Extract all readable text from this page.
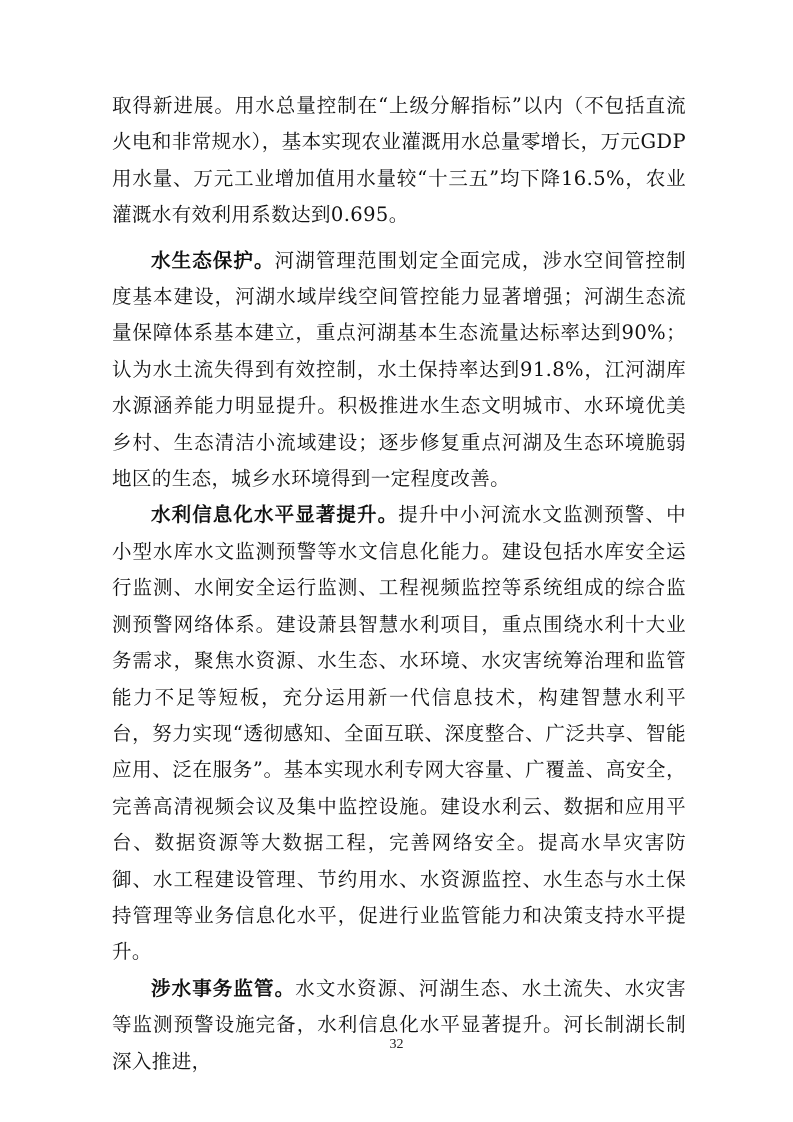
取得新进展。用水总量控制在“上级分解指标”以内（不包括直流火电和非常规水），基本实现农业灌溉用水总量零增长，万元GDP用水量、万元工业增加值用水量较“十三五”均下降16.5%，农业灌溉水有效利用系数达到0.695。

水生态保护。河湖管理范围划定全面完成，涉水空间管控制度基本建设，河湖水域岸线空间管控能力显著增强；河湖生态流量保障体系基本建立，重点河湖基本生态流量达标率达到90%；认为水土流失得到有效控制，水土保持率达到91.8%，江河湖库水源涵养能力明显提升。积极推进水生态文明城市、水环境优美乡村、生态清洁小流域建设；逐步修复重点河湖及生态环境脆弱地区的生态，城乡水环境得到一定程度改善。

水利信息化水平显著提升。提升中小河流水文监测预警、中小型水库水文监测预警等水文信息化能力。建设包括水库安全运行监测、水闸安全运行监测、工程视频监控等系统组成的综合监测预警网络体系。建设萧县智慧水利项目，重点围绕水利十大业务需求，聚焦水资源、水生态、水环境、水灾害统筹治理和监管能力不足等短板，充分运用新一代信息技术，构建智慧水利平台，努力实现“透彻感知、全面互联、深度整合、广泛共享、智能应用、泛在服务”。基本实现水利专网大容量、广覆盖、高安全，完善高清视频会议及集中监控设施。建设水利云、数据和应用平台、数据资源等大数据工程，完善网络安全。提高水旱灾害防御、水工程建设管理、节约用水、水资源监控、水生态与水土保持管理等业务信息化水平，促进行业监管能力和决策支持水平提升。

涉水事务监管。水文水资源、河湖生态、水土流失、水灾害等监测预警设施完备，水利信息化水平显著提升。河长制湖长制深入推进，

32
